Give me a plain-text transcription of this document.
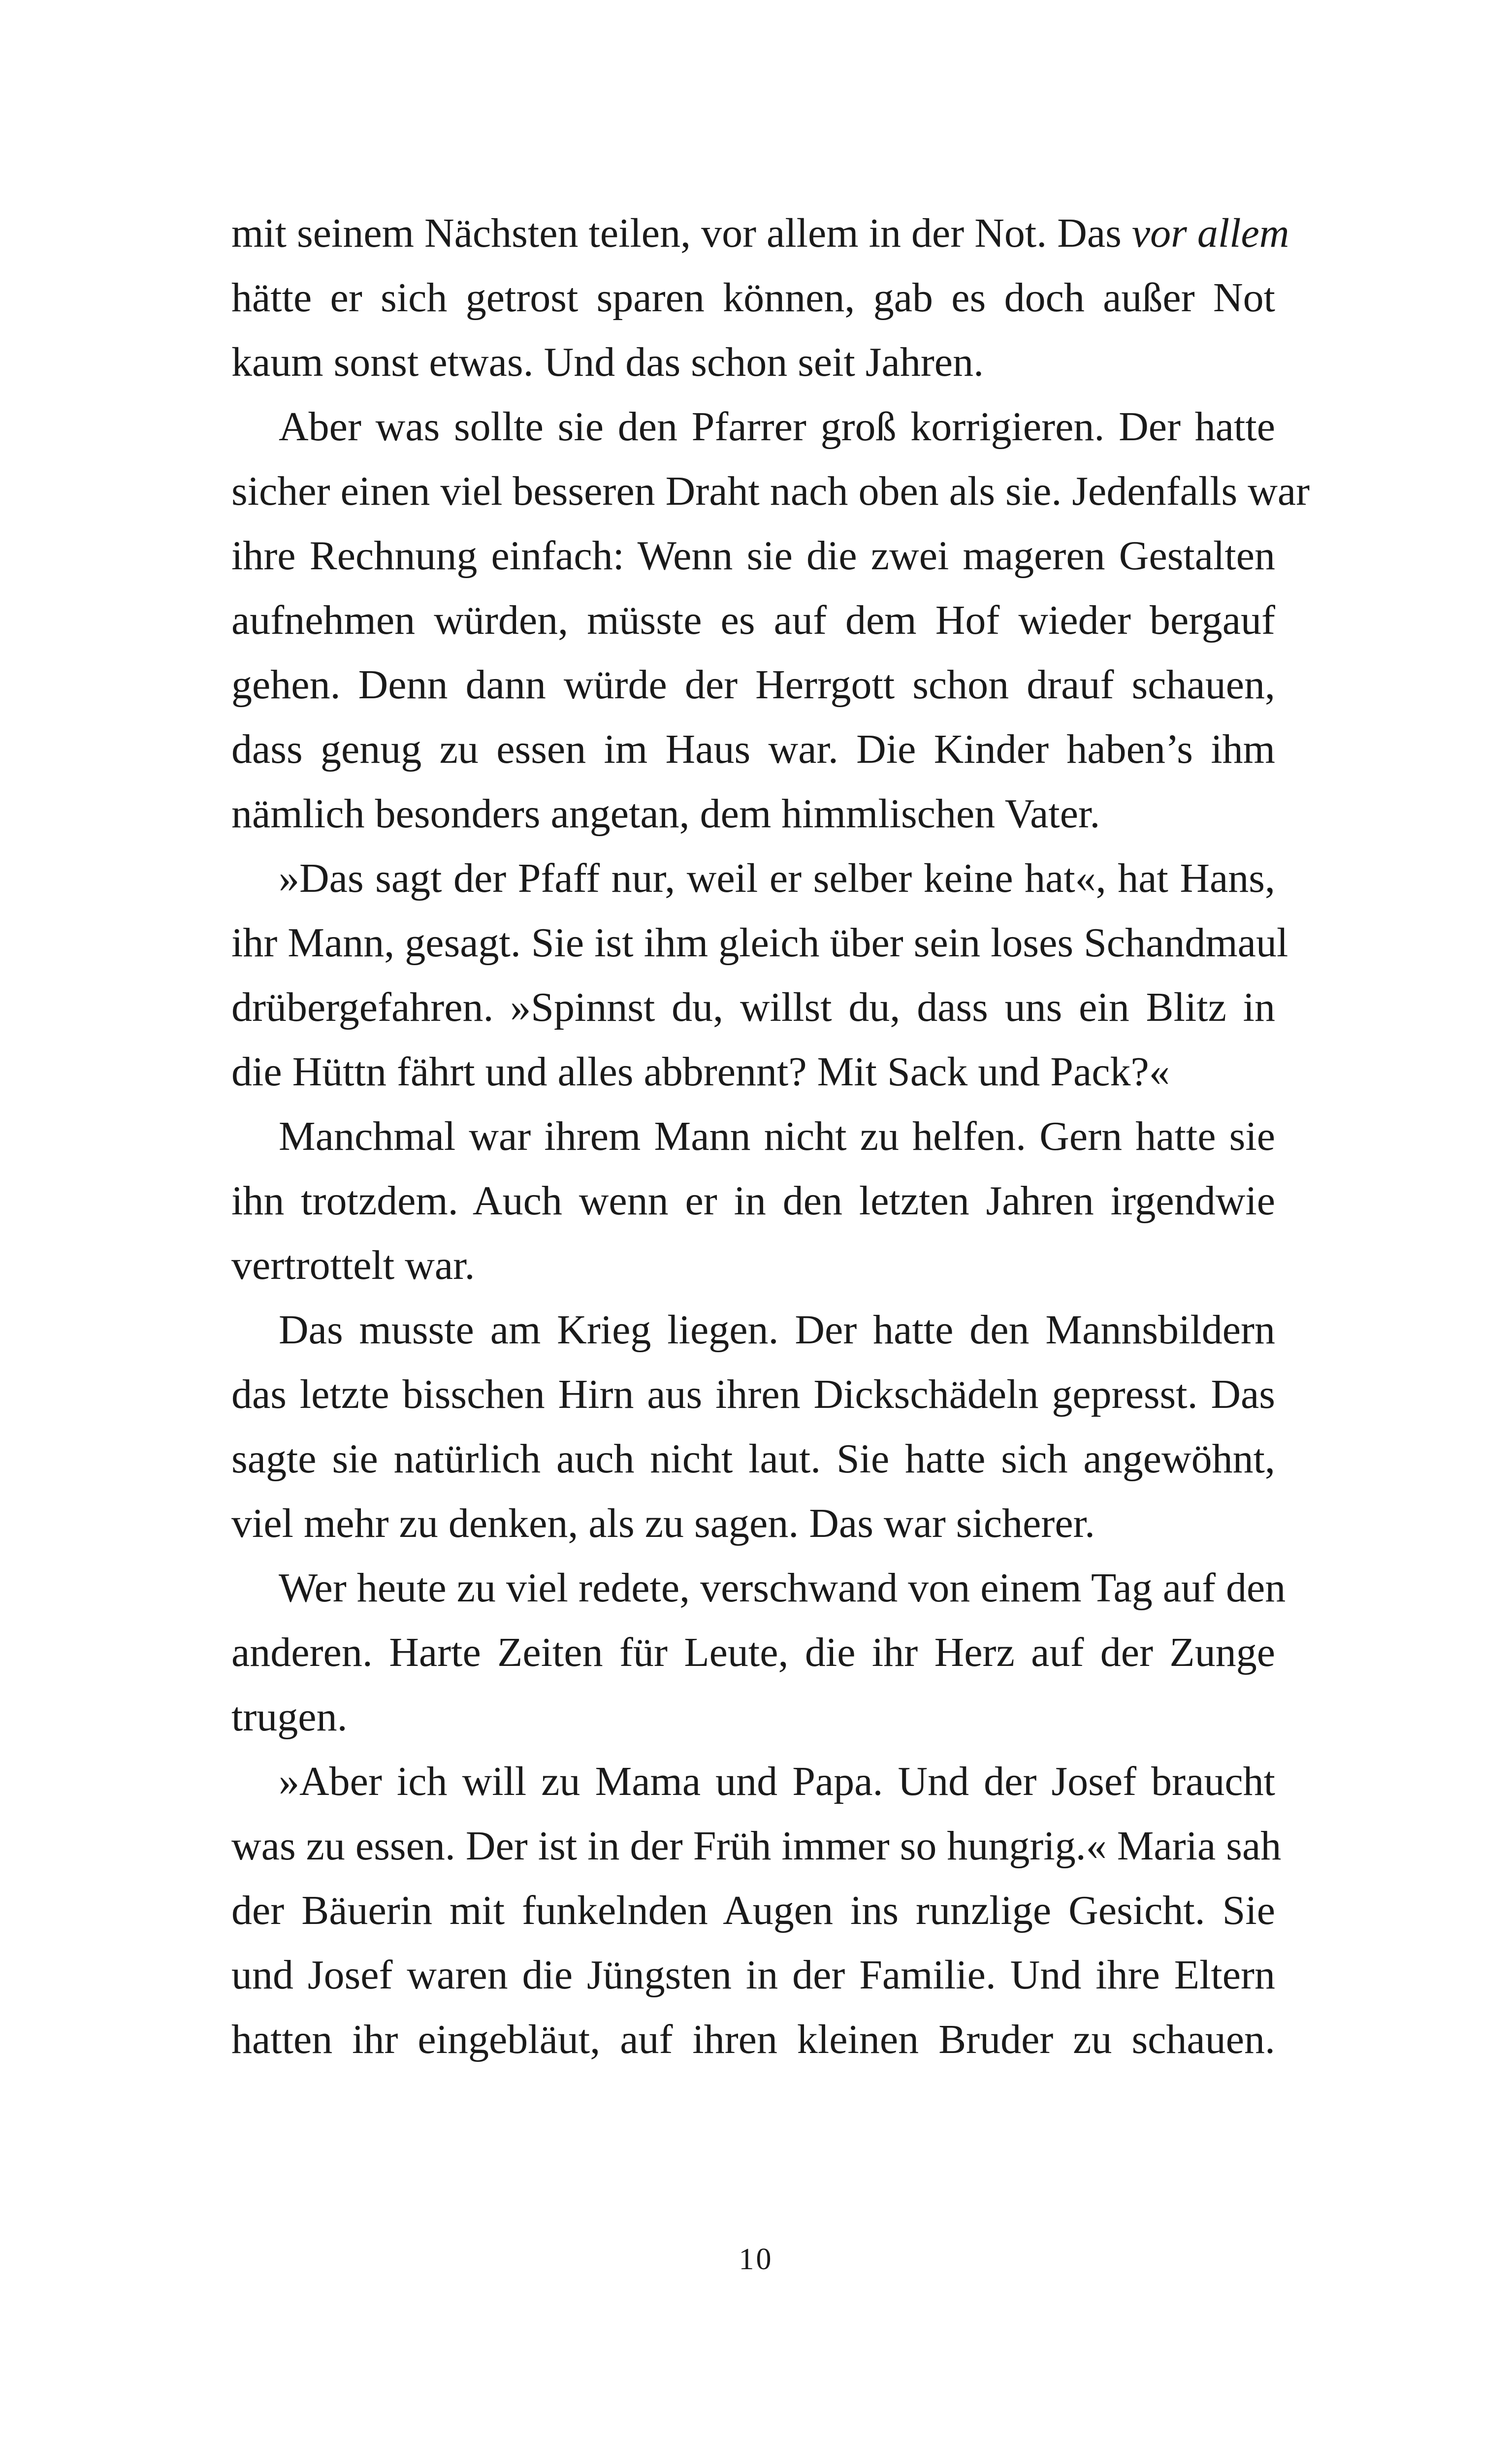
mit seinem Nächsten teilen, vor allem in der Not. Das vor allem
hätte er sich getrost sparen können, gab es doch außer Not
kaum sonst etwas. Und das schon seit Jahren.
Aber was sollte sie den Pfarrer groß korrigieren. Der hatte
sicher einen viel besseren Draht nach oben als sie. Jedenfalls war
ihre Rechnung einfach: Wenn sie die zwei mageren Gestalten
aufnehmen würden, müsste es auf dem Hof wieder bergauf
gehen. Denn dann würde der Herrgott schon drauf schauen,
dass genug zu essen im Haus war. Die Kinder haben’s ihm
nämlich besonders angetan, dem himmlischen Vater.
»Das sagt der Pfaff nur, weil er selber keine hat«, hat Hans,
ihr Mann, gesagt. Sie ist ihm gleich über sein loses Schandmaul
drübergefahren. »Spinnst du, willst du, dass uns ein Blitz in
die Hüttn fährt und alles abbrennt? Mit Sack und Pack?«
Manchmal war ihrem Mann nicht zu helfen. Gern hatte sie
ihn trotzdem. Auch wenn er in den letzten Jahren irgendwie
vertrottelt war.
Das musste am Krieg liegen. Der hatte den Mannsbildern
das letzte bisschen Hirn aus ihren Dickschädeln gepresst. Das
sagte sie natürlich auch nicht laut. Sie hatte sich angewöhnt,
viel mehr zu denken, als zu sagen. Das war sicherer.
Wer heute zu viel redete, verschwand von einem Tag auf den
anderen. Harte Zeiten für Leute, die ihr Herz auf der Zunge
trugen.
»Aber ich will zu Mama und Papa. Und der Josef braucht
was zu essen. Der ist in der Früh immer so hungrig.« Maria sah
der Bäuerin mit funkelnden Augen ins runzlige Gesicht. Sie
und Josef waren die Jüngsten in der Familie. Und ihre Eltern
hatten ihr eingebläut, auf ihren kleinen Bruder zu schauen.
10
